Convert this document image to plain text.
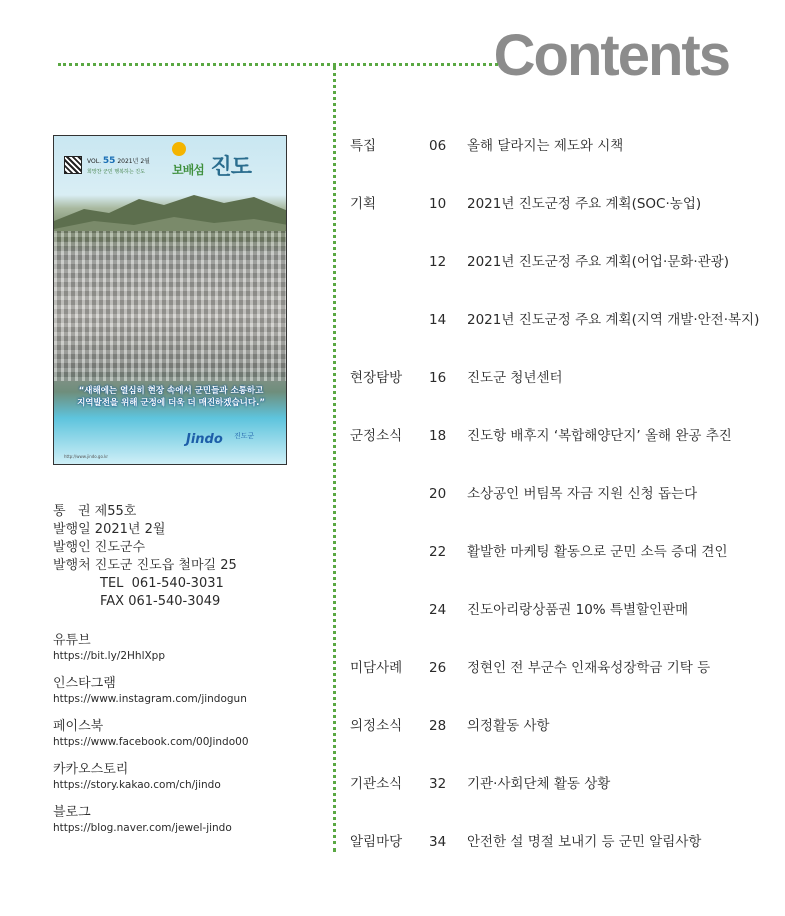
Contents
VOL. 55 2021년 2월
희망찬 군민 행복하는 진도 보배섬 진도
“새해에는 열심히 현장 속에서 군민들과 소통하고
지역발전을 위해 군정에 더욱 더 매진하겠습니다.”
Jindo 진도군
http://www.jindo.go.kr
통   권 제55호
발행일 2021년 2월
발행인 진도군수
발행처 진도군 진도읍 철마길 25
TEL  061-540-3031
FAX 061-540-3049
유튜브
https://bit.ly/2HhlXpp
인스타그램
https://www.instagram.com/jindogun
페이스북
https://www.facebook.com/00Jindo00
카카오스토리
https://story.kakao.com/ch/jindo
블로그
https://blog.naver.com/jewel-jindo
특집	06 올해 달라지는 제도와 시책
기획	10 2021년 진도군정 주요 계획(SOC·농업)
12 2021년 진도군정 주요 계획(어업·문화·관광)
14 2021년 진도군정 주요 계획(지역 개발·안전·복지)
현장탐방 16 진도군 청년센터
군정소식 18 진도항 배후지 ‘복합해양단지’ 올해 완공 추진
20 소상공인 버팀목 자금 지원 신청 돕는다
22 활발한 마케팅 활동으로 군민 소득 증대 견인
24 진도아리랑상품권 10% 특별할인판매
미담사례 26 정현인 전 부군수 인재육성장학금 기탁 등
의정소식 28 의정활동 사항
기관소식 32 기관·사회단체 활동 상황
알림마당 34 안전한 설 명절 보내기 등 군민 알림사항
